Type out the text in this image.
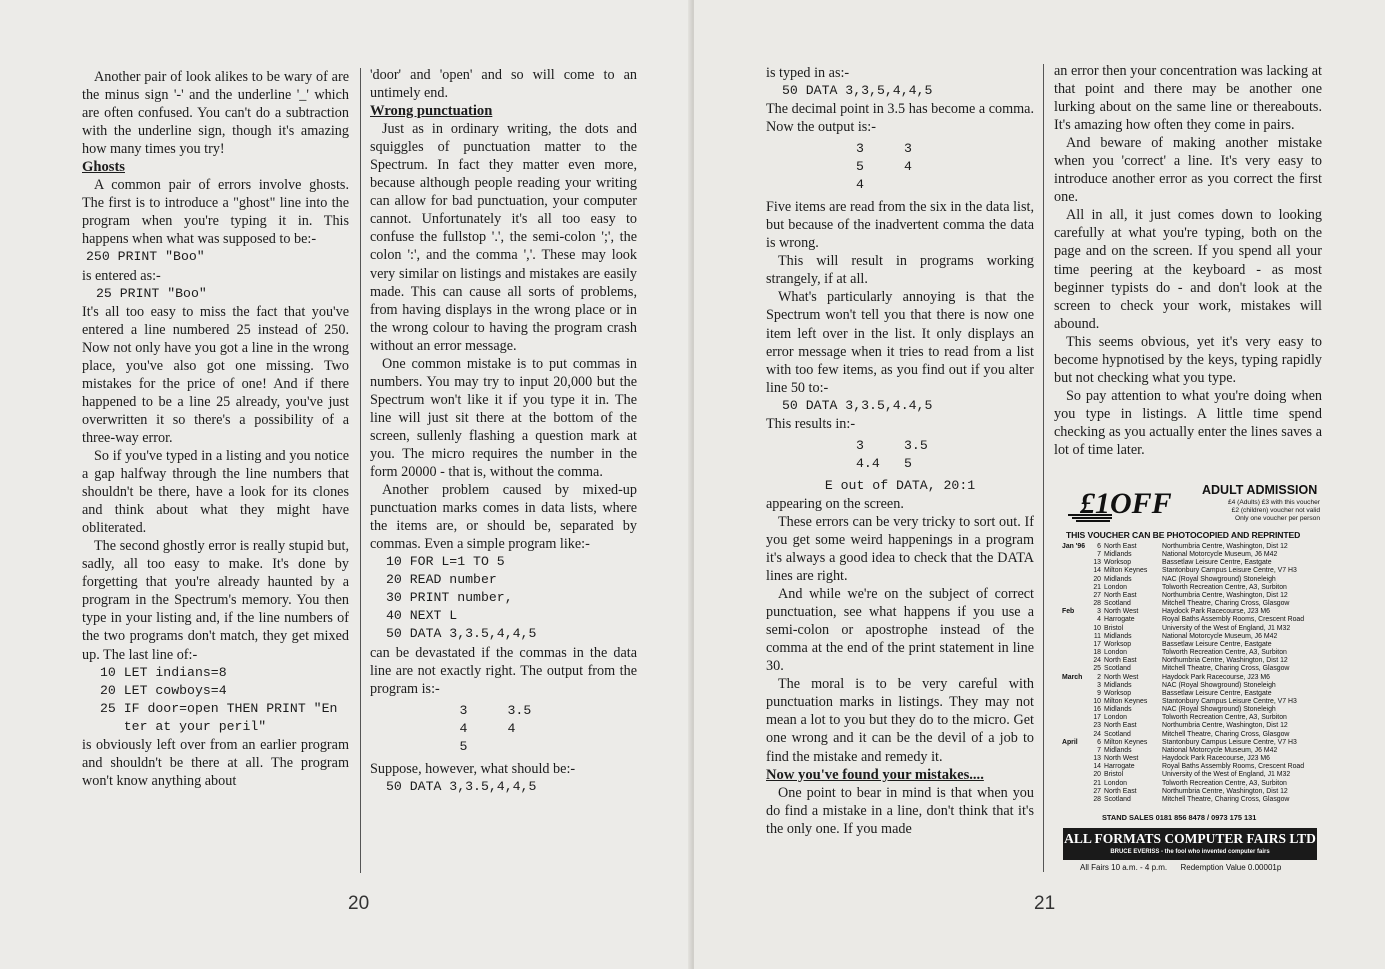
Another pair of look alikes to be wary of are the minus sign '-' and the underline '_' which are often confused. You can't do a subtraction with the underline sign, though it's amazing how many times you try!

Ghosts

A common pair of errors involve ghosts. The first is to introduce a "ghost" line into the program when you're typing it in. This happens when what was supposed to be:-

250 PRINT "Boo"

is entered as:-

25 PRINT "Boo"

It's all too easy to miss the fact that you've entered a line numbered 25 instead of 250. Now not only have you got a line in the wrong place, you've also got one missing. Two mistakes for the price of one! And if there happened to be a line 25 already, you've just overwritten it so there's a possibility of a three-way error.

So if you've typed in a listing and you notice a gap halfway through the line numbers that shouldn't be there, have a look for its clones and think about what they might have obliterated.

The second ghostly error is really stupid but, sadly, all too easy to make. It's done by forgetting that you're already haunted by a program in the Spectrum's memory. You then type in your listing and, if the line numbers of the two programs don't match, they get mixed up. The last line of:-

10 LET indians=8
20 LET cowboys=4
25 IF door=open THEN PRINT "En
ter at your peril"

is obviously left over from an earlier program and shouldn't be there at all. The program won't know anything about

'door' and 'open' and so will come to an untimely end.

Wrong punctuation

Just as in ordinary writing, the dots and squiggles of punctuation matter to the Spectrum. In fact they matter even more, because although people reading your writing can allow for bad punctuation, your computer cannot. Unfortunately it's all too easy to confuse the fullstop '.', the semi-colon ';', the colon ':', and the comma ','. These may look very similar on listings and mistakes are easily made. This can cause all sorts of problems, from having displays in the wrong place or in the wrong colour to having the program crash without an error message.

One common mistake is to put commas in numbers. You may try to input 20,000 but the Spectrum won't like it if you type it in. The line will just sit there at the bottom of the screen, sullenly flashing a question mark at you. The micro requires the number in the form 20000 - that is, without the comma.

Another problem caused by mixed-up punctuation marks comes in data lists, where the items are, or should be, separated by commas. Even a simple program like:-

10 FOR L=1 TO 5
20 READ number
30 PRINT number,
40 NEXT L
50 DATA 3,3.5,4,4,5

can be devastated if the commas in the data line are not exactly right. The output from the program is:-

3	3.5
4	4
5

Suppose, however, what should be:-

50 DATA 3,3.5,4,4,5

20

is typed in as:-

50 DATA 3,3,5,4,4,5

The decimal point in 3.5 has become a comma. Now the output is:-

3	3
5	4
4

Five items are read from the six in the data list, but because of the inadvertent comma the data is wrong.

This will result in programs working strangely, if at all.

What's particularly annoying is that the Spectrum won't tell you that there is now one item left over in the list. It only displays an error message when it tries to read from a list with too few items, as you find out if you alter line 50 to:-

50 DATA 3,3.5,4.4,5

This results in:-

3	3.5
4.4	5

E out of DATA, 20:1

appearing on the screen.

These errors can be very tricky to sort out. If you get some weird happenings in a program it's always a good idea to check that the DATA lines are right.

And while we're on the subject of correct punctuation, see what happens if you use a semi-colon or apostrophe instead of the comma at the end of the print statement in line 30.

The moral is to be very careful with punctuation marks in listings. They may not mean a lot to you but they do to the micro. Get one wrong and it can be the devil of a job to find the mistake and remedy it.

Now you've found your mistakes....

One point to bear in mind is that when you do find a mistake in a line, don't think that it's the only one. If you made

an error then your concentration was lacking at that point and there may be another one lurking about on the same line or thereabouts. It's amazing how often they come in pairs.

And beware of making another mistake when you 'correct' a line. It's very easy to introduce another error as you correct the first one.

All in all, it just comes down to looking carefully at what you're typing, both on the page and on the screen. If you spend all your time peering at the keyboard - as most beginner typists do - and don't look at the screen to check your work, mistakes will abound.

This seems obvious, yet it's very easy to become hypnotised by the keys, typing rapidly but not checking what you type.

So pay attention to what you're doing when you type in listings. A little time spend checking as you actually enter the lines saves a lot of time later.

21
£1OFF ADULT ADMISSION
£4 (Adults) £3 with this voucher
£2 (children) voucher not valid
Only one voucher per person
THIS VOUCHER CAN BE PHOTOCOPIED AND REPRINTED
Jan '96	6 North East	Northumbria Centre, Washington, Dist 12
7 Midlands	National Motorcycle Museum, J6 M42
13 Worksop	Bassetlaw Leisure Centre, Eastgate
14 Milton Keynes	Stantonbury Campus Leisure Centre, V7 H3
20 Midlands	NAC (Royal Showground) Stoneleigh
21 London	Tolworth Recreation Centre, A3, Surbiton
27 North East	Northumbria Centre, Washington, Dist 12
28 Scotland	Mitchell Theatre, Charing Cross, Glasgow
Feb	3 North West	Haydock Park Racecourse, J23 M6
4 Harrogate	Royal Baths Assembly Rooms, Crescent Road
10 Bristol	University of the West of England, J1 M32
11 Midlands	National Motorcycle Museum, J6 M42
17 Worksop	Bassetlaw Leisure Centre, Eastgate
18 London	Tolworth Recreation Centre, A3, Surbiton
24 North East	Northumbria Centre, Washington, Dist 12
25 Scotland	Mitchell Theatre, Charing Cross, Glasgow
March	2 North West	Haydock Park Racecourse, J23 M6
3 Midlands	NAC (Royal Showground) Stoneleigh
9 Worksop	Bassetlaw Leisure Centre, Eastgate
10 Milton Keynes	Stantonbury Campus Leisure Centre, V7 H3
16 Midlands	NAC (Royal Showground) Stoneleigh
17 London	Tolworth Recreation Centre, A3, Surbiton
23 North East	Northumbria Centre, Washington, Dist 12
24 Scotland	Mitchell Theatre, Charing Cross, Glasgow
April	6 Milton Keynes	Stantonbury Campus Leisure Centre, V7 H3
7 Midlands	National Motorcycle Museum, J6 M42
13 North West	Haydock Park Racecourse, J23 M6
14 Harrogate	Royal Baths Assembly Rooms, Crescent Road
20 Bristol	University of the West of England, J1 M32
21 London	Tolworth Recreation Centre, A3, Surbiton
27 North East	Northumbria Centre, Washington, Dist 12
28 Scotland	Mitchell Theatre, Charing Cross, Glasgow
STAND SALES 0181 856 8478 / 0973 175 131
ALL FORMATS COMPUTER FAIRS LTD
BRUCE EVERISS - the fool who invented computer fairs
All Fairs 10 a.m. - 4 p.m.      Redemption Value 0.00001p
